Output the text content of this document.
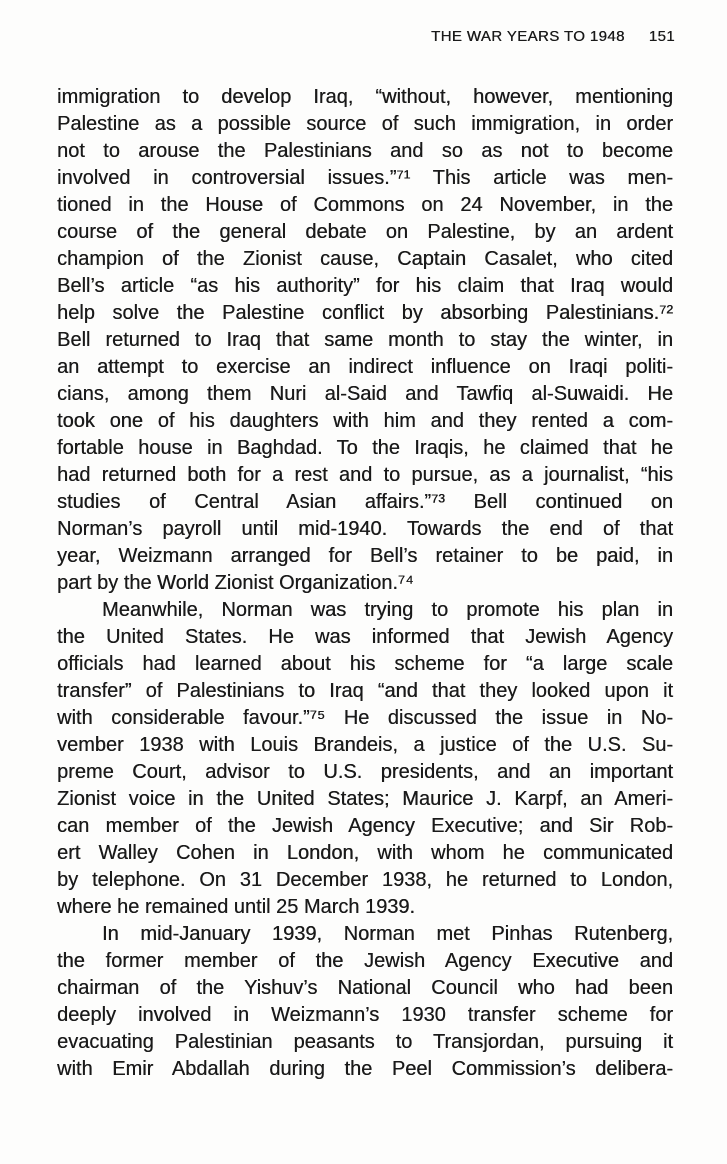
THE WAR YEARS TO 1948 151
immigration to develop Iraq, “without, however, mentioning
Palestine as a possible source of such immigration, in order
not to arouse the Palestinians and so as not to become
involved in controversial issues.”⁷¹ This article was men-
tioned in the House of Commons on 24 November, in the
course of the general debate on Palestine, by an ardent
champion of the Zionist cause, Captain Casalet, who cited
Bell’s article “as his authority” for his claim that Iraq would
help solve the Palestine conflict by absorbing Palestinians.⁷²
Bell returned to Iraq that same month to stay the winter, in
an attempt to exercise an indirect influence on Iraqi politi-
cians, among them Nuri al-Said and Tawfiq al-Suwaidi. He
took one of his daughters with him and they rented a com-
fortable house in Baghdad. To the Iraqis, he claimed that he
had returned both for a rest and to pursue, as a journalist, “his
studies of Central Asian affairs.”⁷³ Bell continued on
Norman’s payroll until mid-1940. Towards the end of that
year, Weizmann arranged for Bell’s retainer to be paid, in
part by the World Zionist Organization.⁷⁴
Meanwhile, Norman was trying to promote his plan in
the United States. He was informed that Jewish Agency
officials had learned about his scheme for “a large scale
transfer” of Palestinians to Iraq “and that they looked upon it
with considerable favour.”⁷⁵ He discussed the issue in No-
vember 1938 with Louis Brandeis, a justice of the U.S. Su-
preme Court, advisor to U.S. presidents, and an important
Zionist voice in the United States; Maurice J. Karpf, an Ameri-
can member of the Jewish Agency Executive; and Sir Rob-
ert Walley Cohen in London, with whom he communicated
by telephone. On 31 December 1938, he returned to London,
where he remained until 25 March 1939.
In mid-January 1939, Norman met Pinhas Rutenberg,
the former member of the Jewish Agency Executive and
chairman of the Yishuv’s National Council who had been
deeply involved in Weizmann’s 1930 transfer scheme for
evacuating Palestinian peasants to Transjordan, pursuing it
with Emir Abdallah during the Peel Commission’s delibera-
